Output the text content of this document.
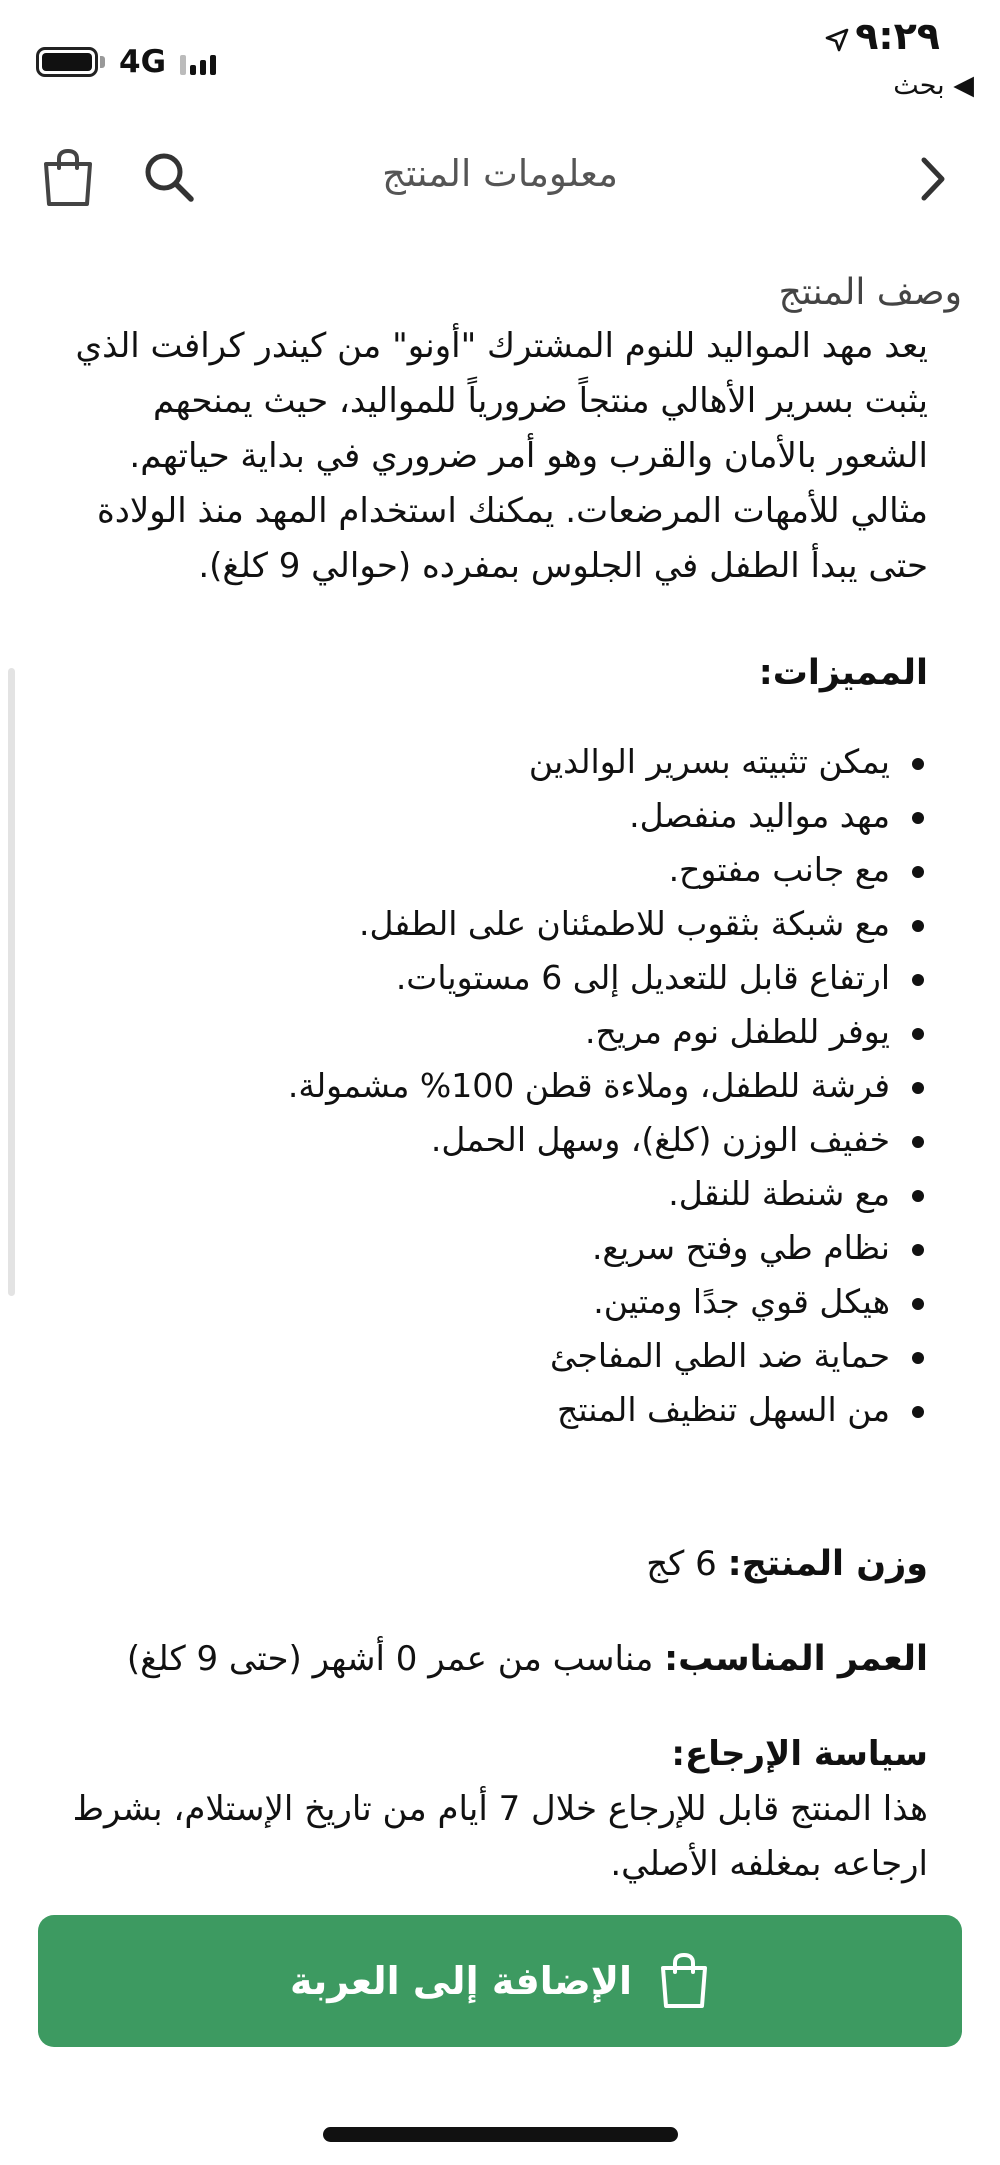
٩:٢٩
◀ بحث
4G
معلومات المنتج
وصف المنتج

يعد مهد المواليد للنوم المشترك "أونو" من كيندر كرافت الذي يثبت بسرير الأهالي منتجاً ضرورياً للمواليد، حيث يمنحهم الشعور بالأمان والقرب وهو أمر ضروري في بداية حياتهم. مثالي للأمهات المرضعات. يمكنك استخدام المهد منذ الولادة حتى يبدأ الطفل في الجلوس بمفرده (حوالي 9 كلغ).

المميزات:
يمكن تثبيته بسرير الوالدين
مهد مواليد منفصل.
مع جانب مفتوح.
مع شبكة بثقوب للاطمئنان على الطفل.
ارتفاع قابل للتعديل إلى 6 مستويات.
يوفر للطفل نوم مريح.
فرشة للطفل، وملاءة قطن 100% مشمولة.
خفيف الوزن (كلغ)، وسهل الحمل.
مع شنطة للنقل.
نظام طي وفتح سريع.
هيكل قوي جدًا ومتين.
حماية ضد الطي المفاجئ
من السهل تنظيف المنتج
وزن المنتج: 6 كج
العمر المناسب: مناسب من عمر 0 أشهر (حتى 9 كلغ)
سياسة الإرجاع:
هذا المنتج قابل للإرجاع خلال 7 أيام من تاريخ الإستلام، بشرط ارجاعه بمغلفه الأصلي.
الإضافة إلى العربة
